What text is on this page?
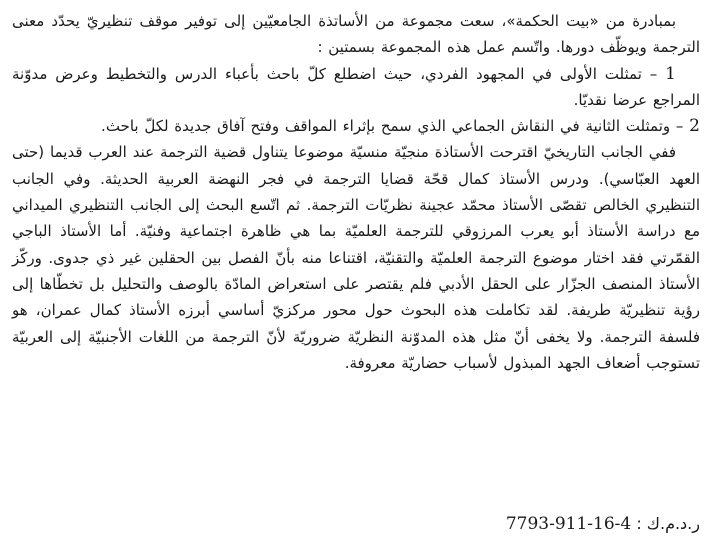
بمبادرة من «بيت الحكمة»، سعت مجموعة من الأساتذة الجامعيّين إلى توفير موقف تنظيريّ يحدّد معنى الترجمة ويوظّف دورها. واتّسم عمل هذه المجموعة بسمتين :

1 – تمثلت الأولى في المجهود الفردي، حيث اضطلع كلّ باحث بأعباء الدرس والتخطيط وعرض مدوّنة المراجع عرضا نقديّا.

2 – وتمثلت الثانية في النقاش الجماعي الذي سمح بإثراء المواقف وفتح آفاق جديدة لكلّ باحث.

ففي الجانب التاريخيّ اقترحت الأستاذة منجيّة منسيّة موضوعا يتناول قضية الترجمة عند العرب قديما (حتى العهد العبّاسي). ودرس الأستاذ كمال قحّة قضايا الترجمة في فجر النهضة العربية الحديثة. وفي الجانب التنظيري الخالص تقصّى الأستاذ محمّد عجينة نظريّات الترجمة. ثم اتّسع البحث إلى الجانب التنظيري الميداني مع دراسة الأستاذ أبو يعرب المرزوقي للترجمة العلميّة بما هي ظاهرة اجتماعية وفنيّة. أما الأستاذ الباجي القمّرتي فقد اختار موضوع الترجمة العلميّة والتقنيّة، اقتناعا منه بأنّ الفصل بين الحقلين غير ذي جدوى. وركّز الأستاذ المنصف الجزّار على الحقل الأدبي فلم يقتصر على استعراض المادّة بالوصف والتحليل بل تخطّاها إلى رؤية تنظيريّة طريفة. لقد تكاملت هذه البحوث حول محور مركزيّ أساسي أبرزه الأستاذ كمال عمران، هو فلسفة الترجمة. ولا يخفى أنّ مثل هذه المدوّنة النظريّة ضروريّة لأنّ الترجمة من اللغات الأجنبيّة إلى العربيّة تستوجب أضعاف الجهد المبذول لأسباب حضاريّة معروفة.

ر.د.م.ك : 7793-911-16-4
